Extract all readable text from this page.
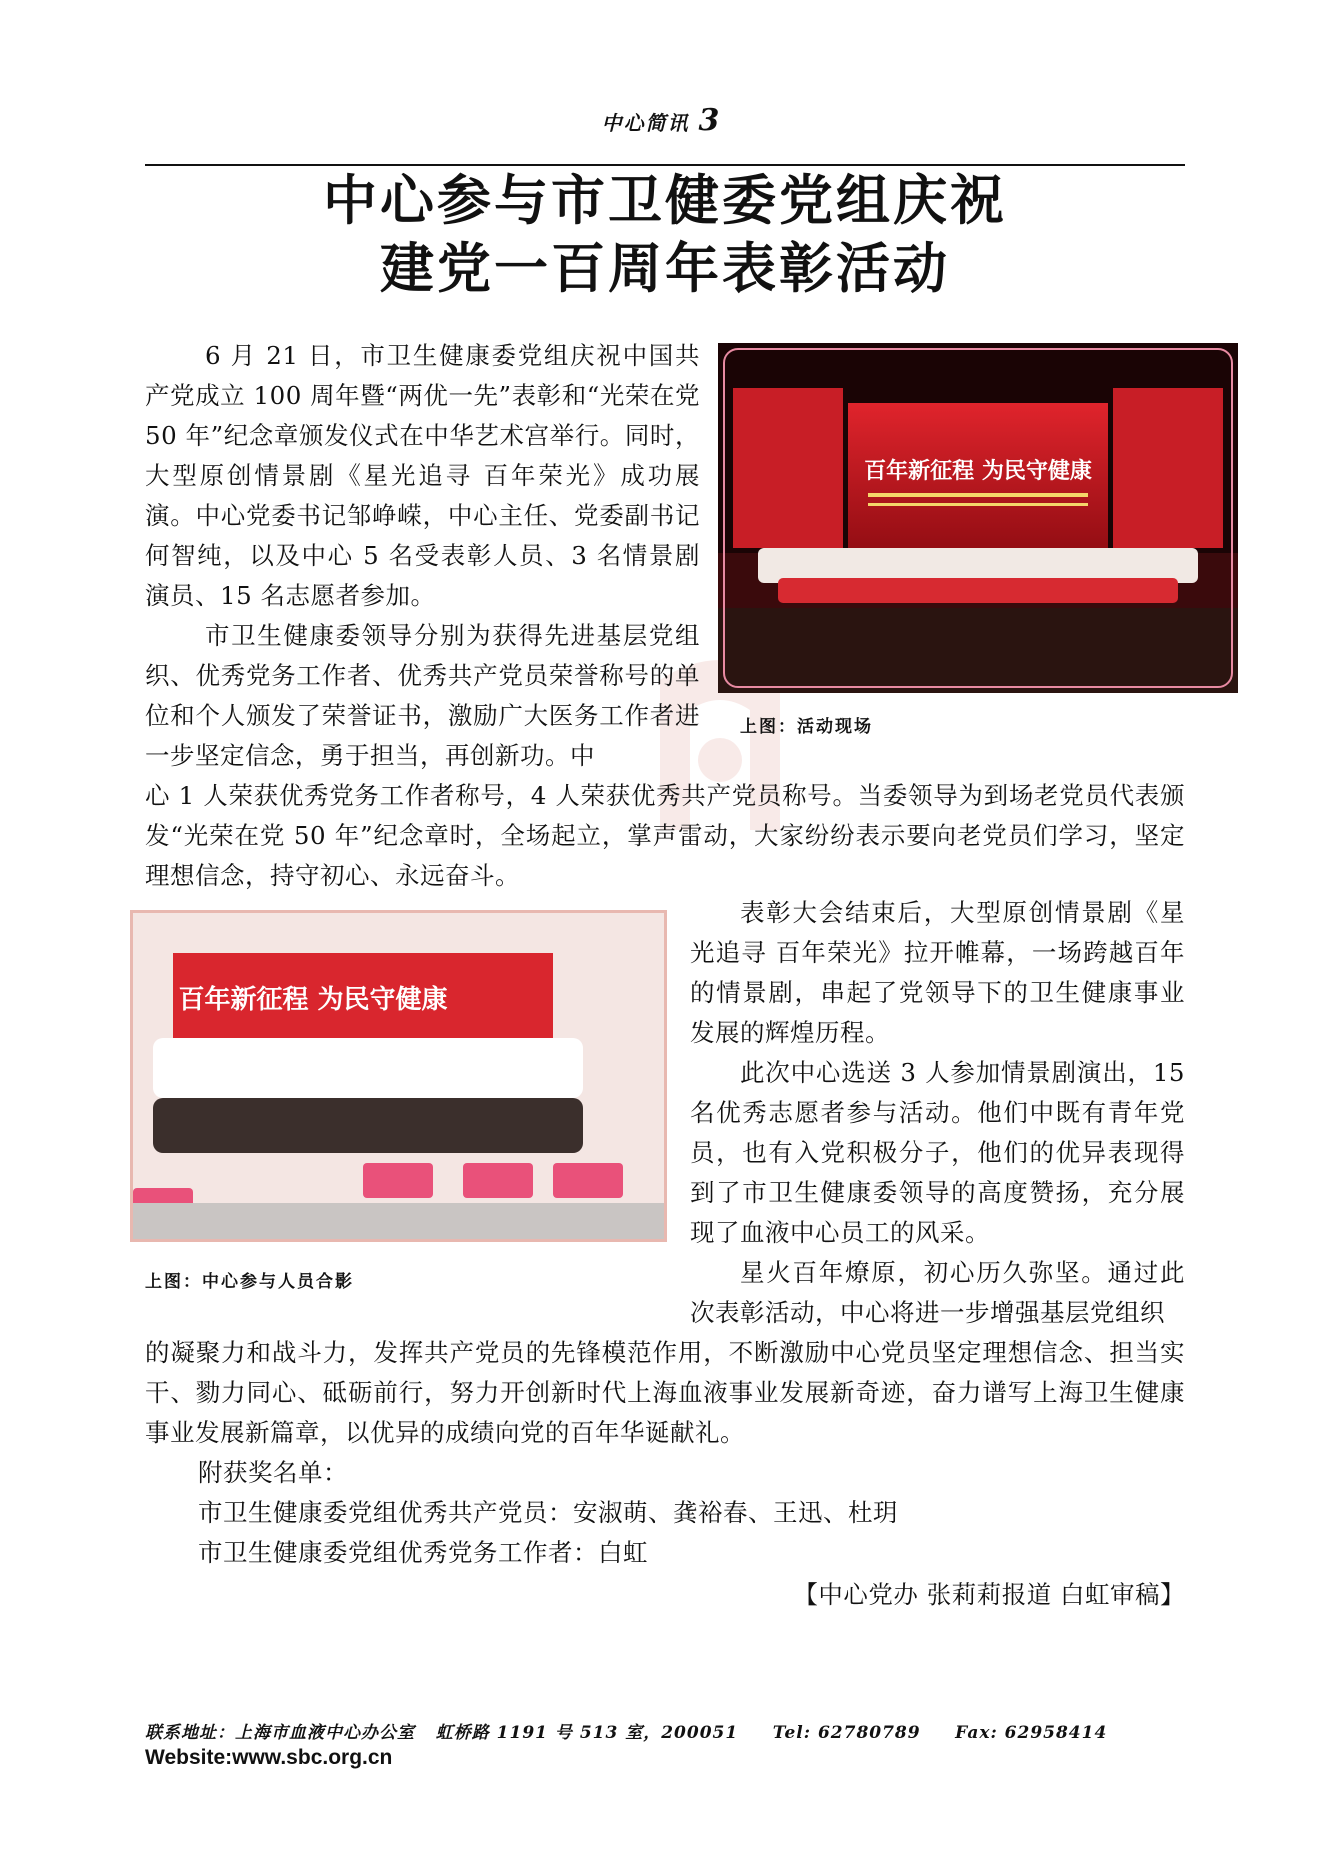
中心简讯 3
中心参与市卫健委党组庆祝
建党一百周年表彰活动

6 月 21 日，市卫生健康委党组庆祝中国共产党成立 100 周年暨“两优一先”表彰和“光荣在党 50 年”纪念章颁发仪式在中华艺术宫举行。同时，大型原创情景剧《星光追寻 百年荣光》成功展演。中心党委书记邹峥嵘，中心主任、党委副书记何智纯，以及中心 5 名受表彰人员、3 名情景剧演员、15 名志愿者参加。

市卫生健康委领导分别为获得先进基层党组织、优秀党务工作者、优秀共产党员荣誉称号的单位和个人颁发了荣誉证书，激励广大医务工作者进一步坚定信念，勇于担当，再创新功。中

心 1 人荣获优秀党务工作者称号，4 人荣获优秀共产党员称号。当委领导为到场老党员代表颁发“光荣在党 50 年”纪念章时，全场起立，掌声雷动，大家纷纷表示要向老党员们学习，坚定理想信念，持守初心、永远奋斗。

表彰大会结束后，大型原创情景剧《星光追寻 百年荣光》拉开帷幕，一场跨越百年的情景剧，串起了党领导下的卫生健康事业发展的辉煌历程。

此次中心选送 3 人参加情景剧演出，15 名优秀志愿者参与活动。他们中既有青年党员，也有入党积极分子，他们的优异表现得到了市卫生健康委领导的高度赞扬，充分展现了血液中心员工的风采。

星火百年燎原，初心历久弥坚。通过此次表彰活动，中心将进一步增强基层党组织

的凝聚力和战斗力，发挥共产党员的先锋模范作用，不断激励中心党员坚定理想信念、担当实干、勠力同心、砥砺前行，努力开创新时代上海血液事业发展新奇迹，奋力谱写上海卫生健康事业发展新篇章，以优异的成绩向党的百年华诞献礼。

附获奖名单：

市卫生健康委党组优秀共产党员：安淑萌、龚裕春、王迅、杜玥

市卫生健康委党组优秀党务工作者：白虹

【中心党办 张莉莉报道 白虹审稿】
百年新征程 为民守健康
上图：活动现场
百年新征程 为民守健康
上图：中心参与人员合影
联系地址：上海市血液中心办公室   虹桥路 1191 号 513 室，200051     Tel: 62780789     Fax: 62958414
Website:www.sbc.org.cn
